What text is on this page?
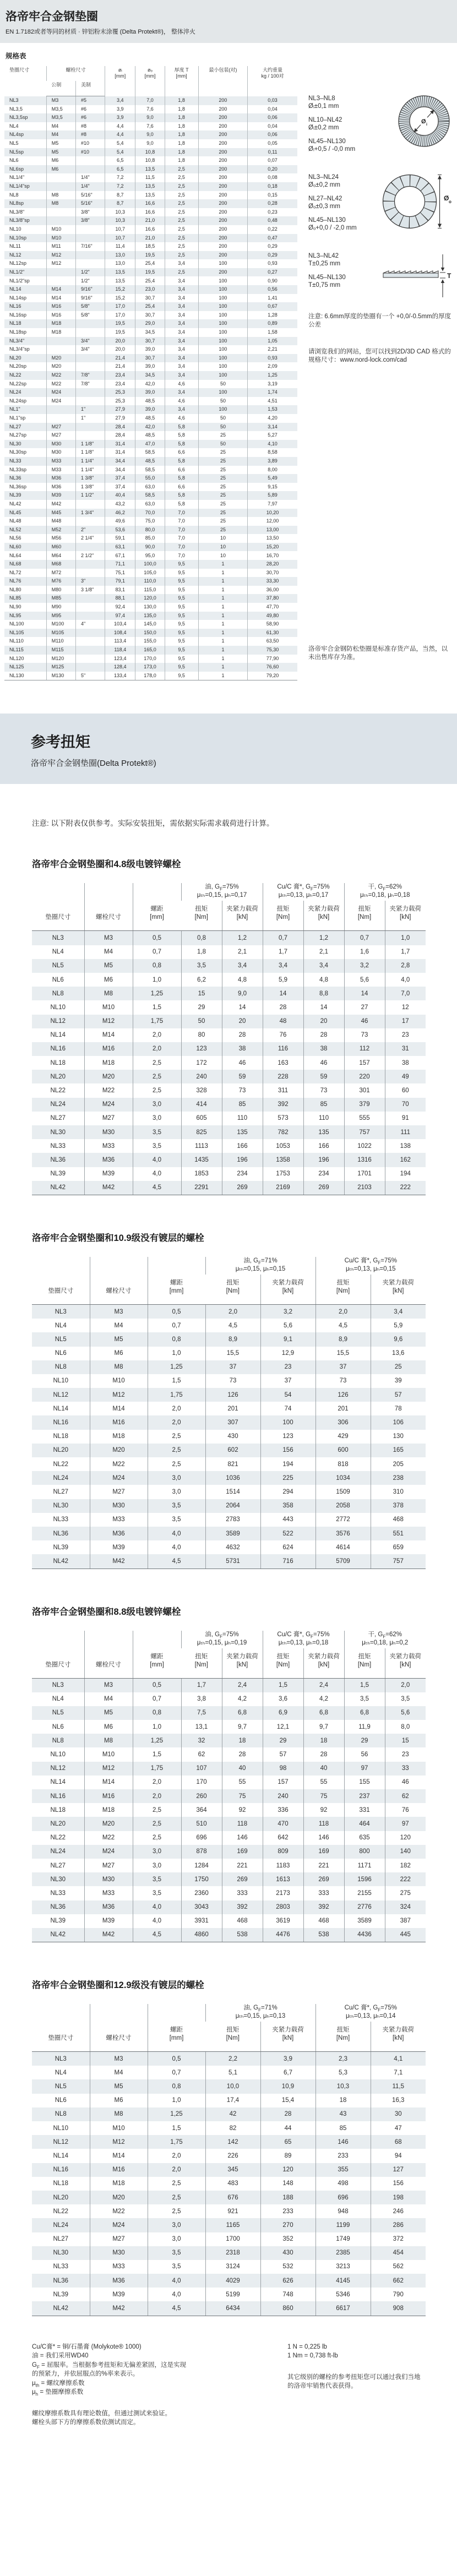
洛帝牢合金钢垫圈

EN 1.7182或者等同的材质 · 锌铝粉末涂覆 (Delta Protekt®)， 整体淬火

规格表
垫圈尺寸	螺栓尺寸		øᵢ
[mm]	øₒ
[mm]	厚度 T
[mm]	最小包装(对)	大约重量
kg / 100对
	公制	美制					
NL3	M3	#5	3,4	7,0	1,8	200	0,03
NL3,5	M3,5	#6	3,9	7,6	1,8	200	0,04
NL3,5sp	M3,5	#6	3,9	9,0	1,8	200	0,06
NL4	M4	#8	4,4	7,6	1,8	200	0,04
NL4sp	M4	#8	4,4	9,0	1,8	200	0,06
NL5	M5	#10	5,4	9,0	1,8	200	0,05
NL5sp	M5	#10	5,4	10,8	1,8	200	0,11
NL6	M6		6,5	10,8	1,8	200	0,07
NL6sp	M6		6,5	13,5	2,5	200	0,20
NL1/4"		1/4"	7,2	11,5	2,5	200	0,08
NL1/4"sp		1/4"	7,2	13,5	2,5	200	0,18
NL8	M8	5/16"	8,7	13,5	2,5	200	0,15
NL8sp	M8	5/16"	8,7	16,6	2,5	200	0,28
NL3/8"		3/8"	10,3	16,6	2,5	200	0,23
NL3/8"sp		3/8"	10,3	21,0	2,5	200	0,48
NL10	M10		10,7	16,6	2,5	200	0,22
NL10sp	M10		10,7	21,0	2,5	200	0,47
NL11	M11	7/16"	11,4	18,5	2,5	200	0,29
NL12	M12		13,0	19,5	2,5	200	0,29
NL12sp	M12		13,0	25,4	3,4	100	0,93
NL1/2"		1/2"	13,5	19,5	2,5	200	0,27
NL1/2"sp		1/2"	13,5	25,4	3,4	100	0,90
NL14	M14	9/16"	15,2	23,0	3,4	100	0,56
NL14sp	M14	9/16"	15,2	30,7	3,4	100	1,41
NL16	M16	5/8"	17,0	25,4	3,4	100	0,67
NL16sp	M16	5/8"	17,0	30,7	3,4	100	1,28
NL18	M18		19,5	29,0	3,4	100	0,89
NL18sp	M18		19,5	34,5	3,4	100	1,58
NL3/4"		3/4"	20,0	30,7	3,4	100	1,05
NL3/4"sp		3/4"	20,0	39,0	3,4	100	2,21
NL20	M20		21,4	30,7	3,4	100	0,93
NL20sp	M20		21,4	39,0	3,4	100	2,09
NL22	M22	7/8"	23,4	34,5	3,4	100	1,25
NL22sp	M22	7/8"	23,4	42,0	4,6	50	3,19
NL24	M24		25,3	39,0	3,4	100	1,74
NL24sp	M24		25,3	48,5	4,6	50	4,51
NL1"		1"	27,9	39,0	3,4	100	1,53
NL1"sp		1"	27,9	48,5	4,6	50	4,20
NL27	M27		28,4	42,0	5,8	50	3,14
NL27sp	M27		28,4	48,5	5,8	25	5,27
NL30	M30	1 1/8"	31,4	47,0	5,8	50	4,10
NL30sp	M30	1 1/8"	31,4	58,5	6,6	25	8,58
NL33	M33	1 1/4"	34,4	48,5	5,8	25	3,89
NL33sp	M33	1 1/4"	34,4	58,5	6,6	25	8,00
NL36	M36	1 3/8"	37,4	55,0	5,8	25	5,49
NL36sp	M36	1 3/8"	37,4	63,0	6,6	25	9,15
NL39	M39	1 1/2"	40,4	58,5	5,8	25	5,89
NL42	M42		43,2	63,0	5,8	25	7,97
NL45	M45	1 3/4"	46,2	70,0	7,0	25	10,20
NL48	M48		49,6	75,0	7,0	25	12,00
NL52	M52	2"	53,6	80,0	7,0	25	13,00
NL56	M56	2 1/4"	59,1	85,0	7,0	10	13,50
NL60	M60		63,1	90,0	7,0	10	15,20
NL64	M64	2 1/2"	67,1	95,0	7,0	10	16,70
NL68	M68		71,1	100,0	9,5	1	28,20
NL72	M72		75,1	105,0	9,5	1	30,70
NL76	M76	3"	79,1	110,0	9,5	1	33,30
NL80	M80	3 1/8"	83,1	115,0	9,5	1	36,00
NL85	M85		88,1	120,0	9,5	1	37,80
NL90	M90		92,4	130,0	9,5	1	47,70
NL95	M95		97,4	135,0	9,5	1	49,80
NL100	M100	4"	103,4	145,0	9,5	1	58,90
NL105	M105		108,4	150,0	9,5	1	61,30
NL110	M110		113,4	155,0	9,5	1	63,50
NL115	M115		118,4	165,0	9,5	1	75,30
NL120	M120		123,4	170,0	9,5	1	77,90
NL125	M125		128,4	173,0	9,5	1	76,60
NL130	M130	5"	133,4	178,0	9,5	1	79,20
NL3–NL8
Øᵢ±0,1 mm
NL10–NL42
Øᵢ±0,2 mm
NL45–NL130
Øᵢ+0,5 / -0,0 mm
Ø i
NL3–NL24
Øₒ±0,2 mm
NL27–NL42
Øₒ±0,3 mm
NL45–NL130
Øₒ+0,0 / -2,0 mm
Ø o
NL3–NL42
T±0,25 mm
NL45–NL130
T±0,75 mm
T

注意: 6.6mm厚度的垫圈有一个 +0,0/-0.5mm的厚度公差

请浏览我们的网站，您可以找到2D/3D CAD 格式的规格尺寸：www.nord-lock.com/cad

洛帝牢合金钢防松垫圈是标准存货产品，当然，以未出售库存为准。

参考扭矩

洛帝牢合金钢垫圈(Delta Protekt®)

注意: 以下附表仅供参考。实际安装扭矩，需依据实际需求载荷进行计算。

洛帝牢合金钢垫圈和4.8级电镀锌螺栓
垫圈尺寸	螺栓尺寸	螺距
[mm]	
油, $G_F=75\%$
μₜₕ=0,15, μₕ=0,17

Cu/C 膏*, $G_F=75\%$
μₜₕ=0,13, μₕ=0,17

干, $G_F=62\%$
μₜₕ=0,18, μₕ=0,18

			扭矩
[Nm]	夹紧力载荷
[kN]	扭矩
[Nm]	夹紧力载荷
[kN]	扭矩
[Nm]	夹紧力载荷
[kN]
NL3	M3	0,5	0,8	1,2	0,7	1,2	0,7	1,0
NL4	M4	0,7	1,8	2,1	1,7	2,1	1,6	1,7
NL5	M5	0,8	3,5	3,4	3,4	3,4	3,2	2,8
NL6	M6	1,0	6,2	4,8	5,9	4,8	5,6	4,0
NL8	M8	1,25	15	9,0	14	8,8	14	7,0
NL10	M10	1,5	29	14	28	14	27	12
NL12	M12	1,75	50	20	48	20	46	17
NL14	M14	2,0	80	28	76	28	73	23
NL16	M16	2,0	123	38	116	38	112	31
NL18	M18	2,5	172	46	163	46	157	38
NL20	M20	2,5	240	59	228	59	220	49
NL22	M22	2,5	328	73	311	73	301	60
NL24	M24	3,0	414	85	392	85	379	70
NL27	M27	3,0	605	110	573	110	555	91
NL30	M30	3,5	825	135	782	135	757	111
NL33	M33	3,5	1113	166	1053	166	1022	138
NL36	M36	4,0	1435	196	1358	196	1316	162
NL39	M39	4,0	1853	234	1753	234	1701	194
NL42	M42	4,5	2291	269	2169	269	2103	222
洛帝牢合金钢垫圈和10.9级没有镀层的螺栓
垫圈尺寸	螺栓尺寸	螺距
[mm]	
油, $G_F=71\%$
μₜₕ=0,15, μₕ=0,15

Cu/C 膏*, $G_F=75\%$
μₜₕ=0,13, μₕ=0,15

			扭矩
[Nm]	夹紧力载荷
[kN]	扭矩
[Nm]	夹紧力载荷
[kN]
NL3	M3	0,5	2,0	3,2	2,0	3,4
NL4	M4	0,7	4,5	5,6	4,5	5,9
NL5	M5	0,8	8,9	9,1	8,9	9,6
NL6	M6	1,0	15,5	12,9	15,5	13,6
NL8	M8	1,25	37	23	37	25
NL10	M10	1,5	73	37	73	39
NL12	M12	1,75	126	54	126	57
NL14	M14	2,0	201	74	201	78
NL16	M16	2,0	307	100	306	106
NL18	M18	2,5	430	123	429	130
NL20	M20	2,5	602	156	600	165
NL22	M22	2,5	821	194	818	205
NL24	M24	3,0	1036	225	1034	238
NL27	M27	3,0	1514	294	1509	310
NL30	M30	3,5	2064	358	2058	378
NL33	M33	3,5	2783	443	2772	468
NL36	M36	4,0	3589	522	3576	551
NL39	M39	4,0	4632	624	4614	659
NL42	M42	4,5	5731	716	5709	757
洛帝牢合金钢垫圈和8.8级电镀锌螺栓
垫圈尺寸	螺栓尺寸	螺距
[mm]	
油, $G_F=75\%$
μₜₕ=0,15, μₕ=0,19

Cu/C 膏*, $G_F=75\%$
μₜₕ=0,13, μₕ=0,18

干, $G_F=62\%$
μₜₕ=0,18, μₕ=0,2

			扭矩
[Nm]	夹紧力载荷
[kN]	扭矩
[Nm]	夹紧力载荷
[kN]	扭矩
[Nm]	夹紧力载荷
[kN]
NL3	M3	0,5	1,7	2,4	1,5	2,4	1,5	2,0
NL4	M4	0,7	3,8	4,2	3,6	4,2	3,5	3,5
NL5	M5	0,8	7,5	6,8	6,9	6,8	6,8	5,6
NL6	M6	1,0	13,1	9,7	12,1	9,7	11,9	8,0
NL8	M8	1,25	32	18	29	18	29	15
NL10	M10	1,5	62	28	57	28	56	23
NL12	M12	1,75	107	40	98	40	97	33
NL14	M14	2,0	170	55	157	55	155	46
NL16	M16	2,0	260	75	240	75	237	62
NL18	M18	2,5	364	92	336	92	331	76
NL20	M20	2,5	510	118	470	118	464	97
NL22	M22	2,5	696	146	642	146	635	120
NL24	M24	3,0	878	169	809	169	800	140
NL27	M27	3,0	1284	221	1183	221	1171	182
NL30	M30	3,5	1750	269	1613	269	1596	222
NL33	M33	3,5	2360	333	2173	333	2155	275
NL36	M36	4,0	3043	392	2803	392	2776	324
NL39	M39	4,0	3931	468	3619	468	3589	387
NL42	M42	4,5	4860	538	4476	538	4436	445
洛帝牢合金钢垫圈和12.9级没有镀层的螺栓
垫圈尺寸	螺栓尺寸	螺距
[mm]	
油, $G_F=71\%$
μₜₕ=0,15, μₕ=0,13

Cu/C 膏*, $G_F=75\%$
μₜₕ=0,13, μₕ=0,14

			扭矩
[Nm]	夹紧力载荷
[kN]	扭矩
[Nm]	夹紧力载荷
[kN]
NL3	M3	0,5	2,2	3,9	2,3	4,1
NL4	M4	0,7	5,1	6,7	5,3	7,1
NL5	M5	0,8	10,0	10,9	10,3	11,5
NL6	M6	1,0	17,4	15,4	18	16,3
NL8	M8	1,25	42	28	43	30
NL10	M10	1,5	82	44	85	47
NL12	M12	1,75	142	65	146	68
NL14	M14	2,0	226	89	233	94
NL16	M16	2,0	345	120	355	127
NL18	M18	2,5	483	148	498	156
NL20	M20	2,5	676	188	696	198
NL22	M22	2,5	921	233	948	246
NL24	M24	3,0	1165	270	1199	286
NL27	M27	3,0	1700	352	1749	372
NL30	M30	3,5	2318	430	2385	454
NL33	M33	3,5	3124	532	3213	562
NL36	M36	4,0	4029	626	4145	662
NL39	M39	4,0	5199	748	5346	790
NL42	M42	4,5	6434	860	6617	908
Cu/C膏* = 铜/石墨膏 (Molykote® 1000)
油 = 我们采用WD40
$G_F$ = 屈服率。当根据参考扭矩和无偏差紧固，这是实现
的预紧力，并依屈服点的%率来表示。
$\mu_{th}$ = 螺纹摩擦系数
$\mu_h$ = 垫圈摩擦系数
螺纹摩擦系数具有理论数值，但通过测试来验证。
螺栓头部下方的摩擦系数依测试而定。
1 N = 0,225 lb
1 Nm = 0,738 ft-lb
其它级别的螺栓的参考扭矩您可以通过我们当地
的洛帝牢销售代表获得。
